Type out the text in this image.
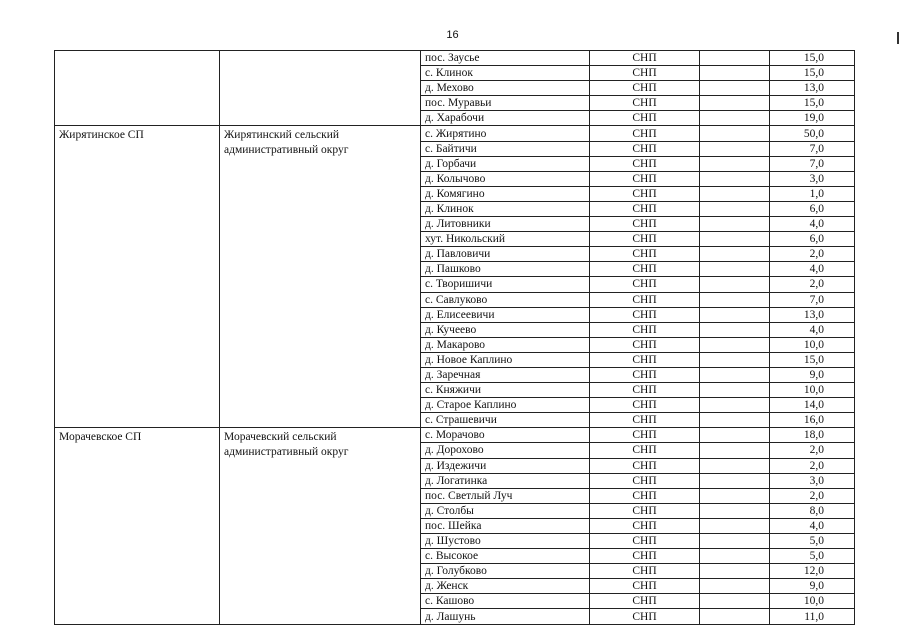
16
		пос. Заусье	СНП		15,0
		с. Клинок	СНП		15,0
		д. Мехово	СНП		13,0
		пос. Муравьи	СНП		15,0
		д. Харабочи	СНП		19,0
Жирятинское СП	Жирятинский сельский административный округ	с. Жирятино	СНП		50,0
		с. Байтичи	СНП		7,0
		д. Горбачи	СНП		7,0
		д. Колычово	СНП		3,0
		д. Комягино	СНП		1,0
		д. Клинок	СНП		6,0
		д. Литовники	СНП		4,0
		хут. Никольский	СНП		6,0
		д. Павловичи	СНП		2,0
		д. Пашково	СНП		4,0
		с. Творишичи	СНП		2,0
		с. Савлуково	СНП		7,0
		д. Елисеевичи	СНП		13,0
		д. Кучеево	СНП		4,0
		д. Макарово	СНП		10,0
		д. Новое Каплино	СНП		15,0
		д. Заречная	СНП		9,0
		с. Княжичи	СНП		10,0
		д. Старое Каплино	СНП		14,0
		с. Страшевичи	СНП		16,0
Морачевское СП	Морачевский сельский административный округ	с. Морачово	СНП		18,0
		д. Дорохово	СНП		2,0
		д. Издежичи	СНП		2,0
		д. Логатинка	СНП		3,0
		пос. Светлый Луч	СНП		2,0
		д. Столбы	СНП		8,0
		пос. Шейка	СНП		4,0
		д. Шустово	СНП		5,0
		с. Высокое	СНП		5,0
		д. Голубково	СНП		12,0
		д. Женск	СНП		9,0
		с. Кашово	СНП		10,0
		д. Лашунь	СНП		11,0
